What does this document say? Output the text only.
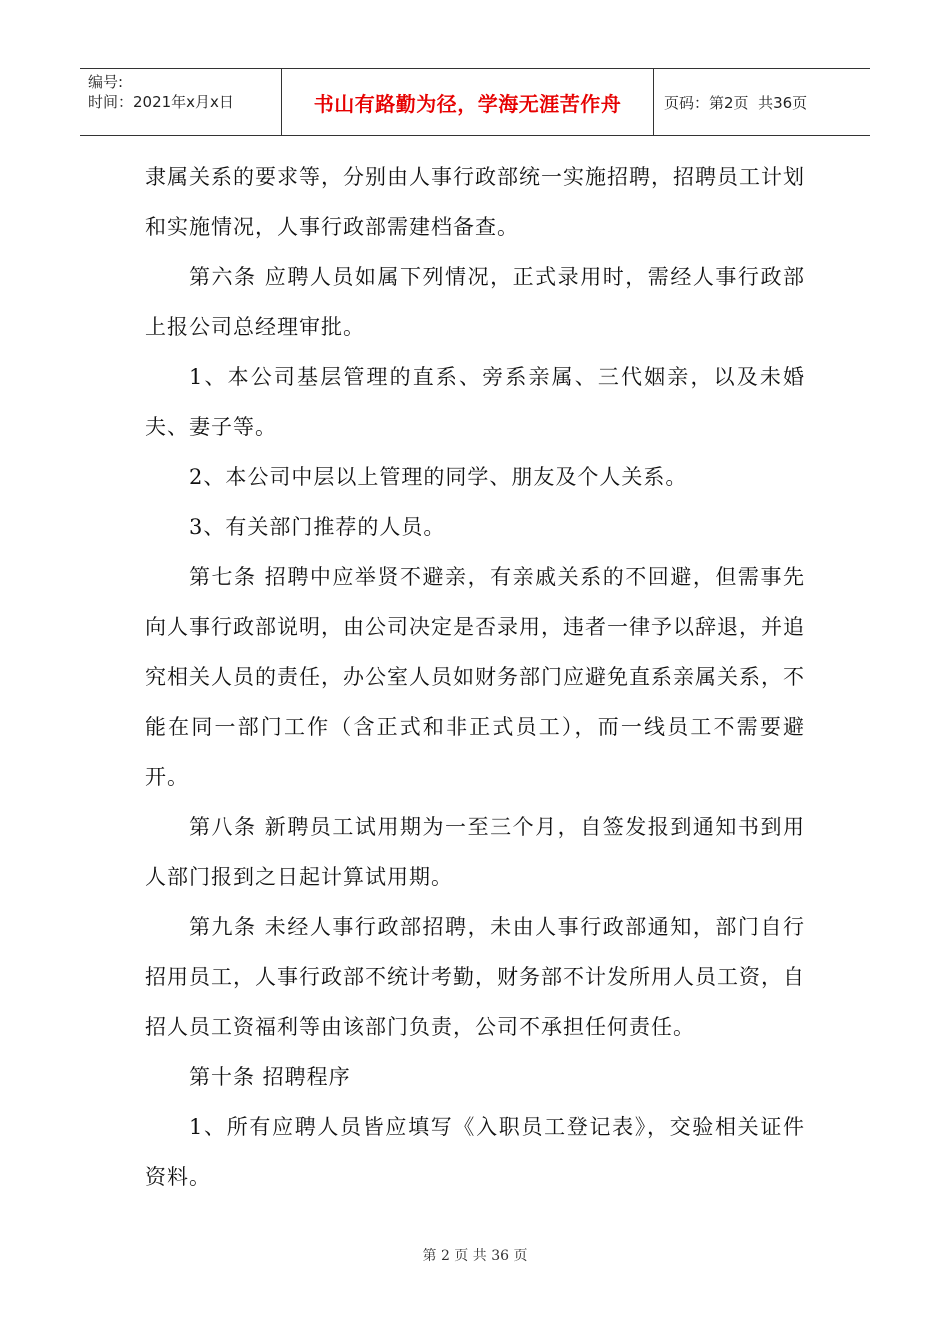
编号:
时间：2021年x月x日	书山有路勤为径，学海无涯苦作舟	页码：第2页  共36页

隶属关系的要求等，分别由人事行政部统一实施招聘，招聘员工计划和实施情况，人事行政部需建档备查。

第六条 应聘人员如属下列情况，正式录用时，需经人事行政部上报公司总经理审批。

1、本公司基层管理的直系、旁系亲属、三代姻亲，以及未婚夫、妻子等。

2、本公司中层以上管理的同学、朋友及个人关系。

3、有关部门推荐的人员。

第七条 招聘中应举贤不避亲，有亲戚关系的不回避，但需事先向人事行政部说明，由公司决定是否录用，违者一律予以辞退，并追究相关人员的责任，办公室人员如财务部门应避免直系亲属关系，不能在同一部门工作（含正式和非正式员工），而一线员工不需要避开。

第八条 新聘员工试用期为一至三个月，自签发报到通知书到用人部门报到之日起计算试用期。

第九条 未经人事行政部招聘，未由人事行政部通知，部门自行招用员工，人事行政部不统计考勤，财务部不计发所用人员工资，自招人员工资福利等由该部门负责，公司不承担任何责任。

第十条 招聘程序

1、所有应聘人员皆应填写《入职员工登记表》，交验相关证件资料。

第 2 页 共 36 页
